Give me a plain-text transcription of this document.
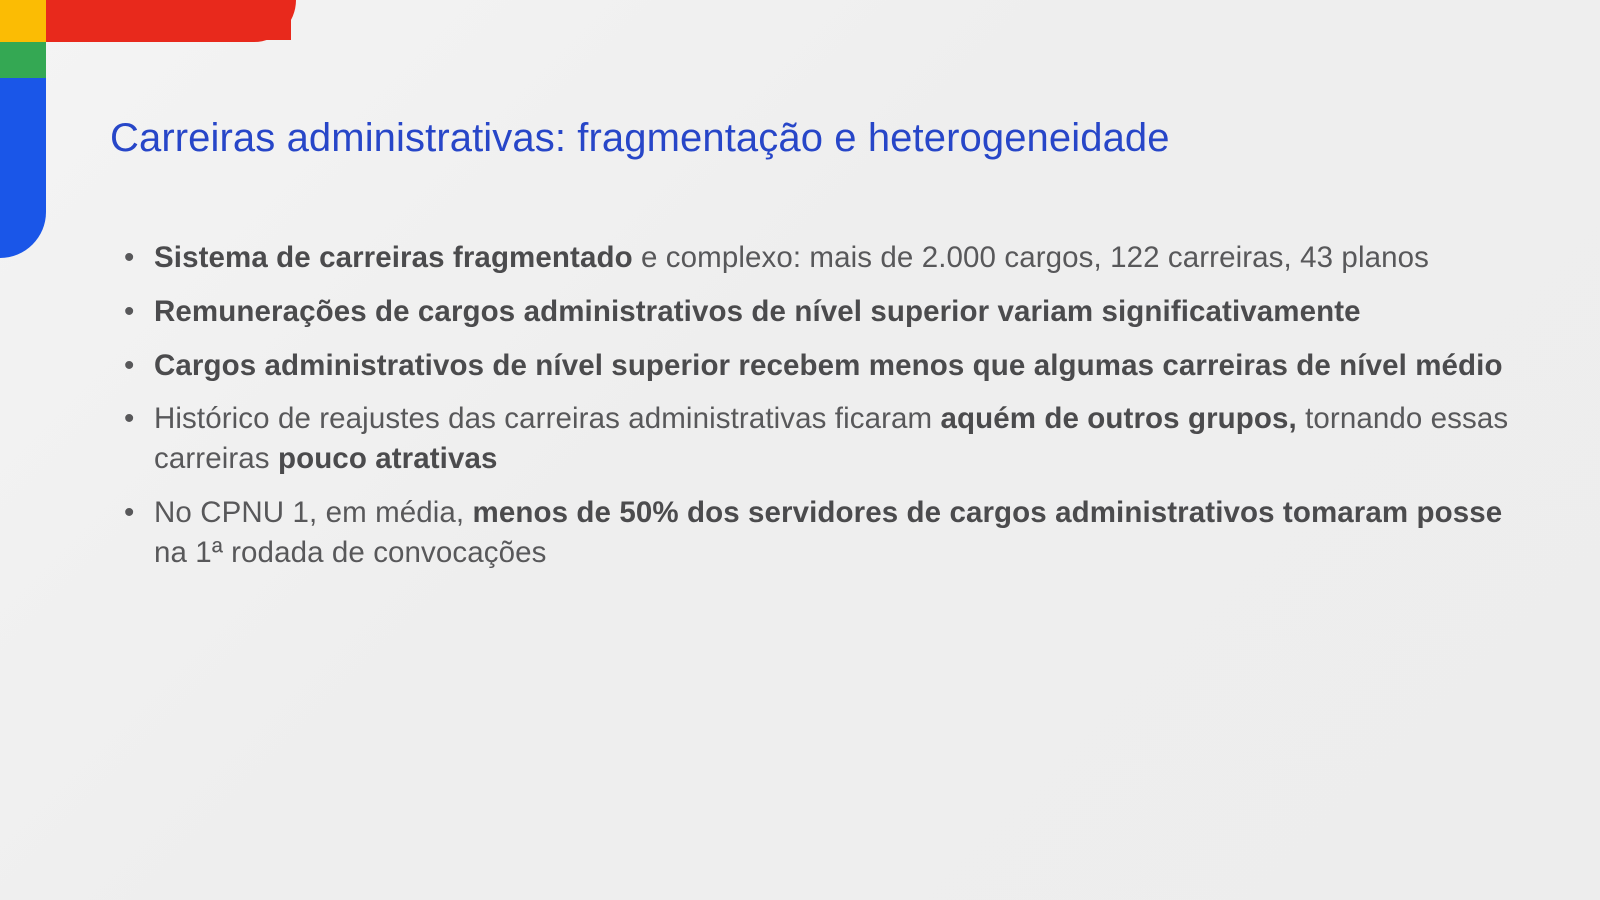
Carreiras administrativas: fragmentação e heterogeneidade
• Sistema de carreiras fragmentado e complexo: mais de 2.000 cargos, 122 carreiras, 43 planos
• Remunerações de cargos administrativos de nível superior variam significativamente
• Cargos administrativos de nível superior recebem menos que algumas carreiras de nível médio
• Histórico de reajustes das carreiras administrativas ficaram aquém de outros grupos, tornando essas carreiras pouco atrativas
• No CPNU 1, em média, menos de 50% dos servidores de cargos administrativos tomaram posse na 1ª rodada de convocações
